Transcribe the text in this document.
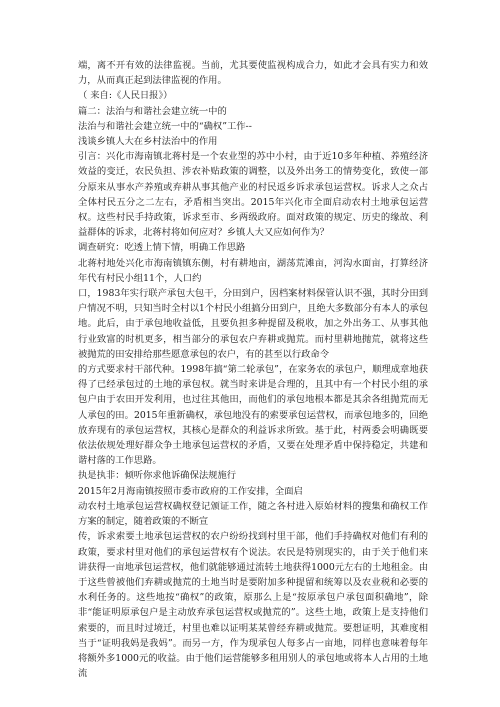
端，离不开有效的法律监视。当前，尤其要使监视构成合力，如此才会具有实力和效力，从而真正起到法律监视的作用。

（ 来自:《人民日报》）

篇二：法治与和谐社会建立统一中的

法治与和谐社会建立统一中的“确权”工作--

浅谈乡镇人大在乡村法治中的作用

引言：兴化市海南镇北蒋村是一个农业型的苏中小村，由于近10多年种植、养殖经济效益的变迁，农民负担、涉农补贴政策的调整，以及外出务工的情势变化，致使一部分原来从事水产养殖或弃耕从事其他产业的村民返乡诉求承包运营权。诉求人之众占全体村民五分之二左右，矛盾相当突出。2015年兴化市全面启动农村土地承包运营权。这些村民手持政策，诉求至市、乡两级政府。面对政策的规定、历史的缘故、利益群体的诉求，北蒋村将如何应对？乡镇人大又应如何作为？

调查研究：吃透上情下情，明确工作思路

北蒋村地处兴化市海南镇镇东侧，村有耕地亩，湖荡荒滩亩，河沟水面亩，打算经济年代有村民小组11个，人口约

口，1983年实行联产承包大包干，分田到户，因档案材料保管认识不强，其时分田到户情况不明，只知当时全村以1个村民小组搞分田到户，且绝大多数部分有本人的承包地。此后，由于承包地收益低，且要负担多种提留及税收，加之外出务工、从事其他行业致富的时机更多，相当部分的承包农户弃耕或抛荒。而村里耕地抛荒，就将这些被抛荒的田安排给那些愿意承包的农户，有的甚至以行政命令

的方式要求村干部代种。1998年搞“第二轮承包”，在家务农的承包户，顺理成章地获得了已经承包过的土地的承包权。就当时来讲是合理的，且其中有一个村民小组的承包户由于农田开发利用，也过往其他田，而他们的承包地根本都是其余各组抛荒而无人承包的田。2015年重新确权，承包地没有的索要承包运营权，而承包地多的，回绝放弃现有的承包运营权，其核心是群众的利益诉求所致。基于此，村两委会明确既要依法依规处理好群众争土地承包运营权的矛盾，又要在处理矛盾中保持稳定，共建和谐村落的工作思路。

执是执非：倾听你求他诉确保法规施行

2015年2月海南镇按照市委市政府的工作安排，全面启

动农村土地承包运营权确权登记颁证工作，随之各村进入原始材料的搜集和确权工作方案的制定，随着政策的不断宣

传，诉求索要土地承包运营权的农户纷纷找到村里干部，他们手持确权对他们有利的政策，要求村里对他们的承包运营权有个说法。农民是特别现实的，由于关于他们来讲获得一亩地承包运营权，他们就能够通过流转土地获得1000元左右的土地租金。由于这些曾被他们弃耕或抛荒的土地当时是要附加多种提留和统筹以及农业税和必要的水利任务的。这些地按“确权”的政策，原那么上是“按原承包户承包面积确地”，除非“能证明原承包户是主动放弃承包运营权或抛荒的”。这些土地，政策上是支持他们索要的，而且时过境迁，村里也难以证明某某曾经弃耕或抛荒。要想证明，其难度相当于“证明我妈是我妈”。而另一方，作为现承包人每多占一亩地，同样也意味着每年将额外多1000元的收益。由于他们运营能够多租用别人的承包地或将本人占用的土地流
